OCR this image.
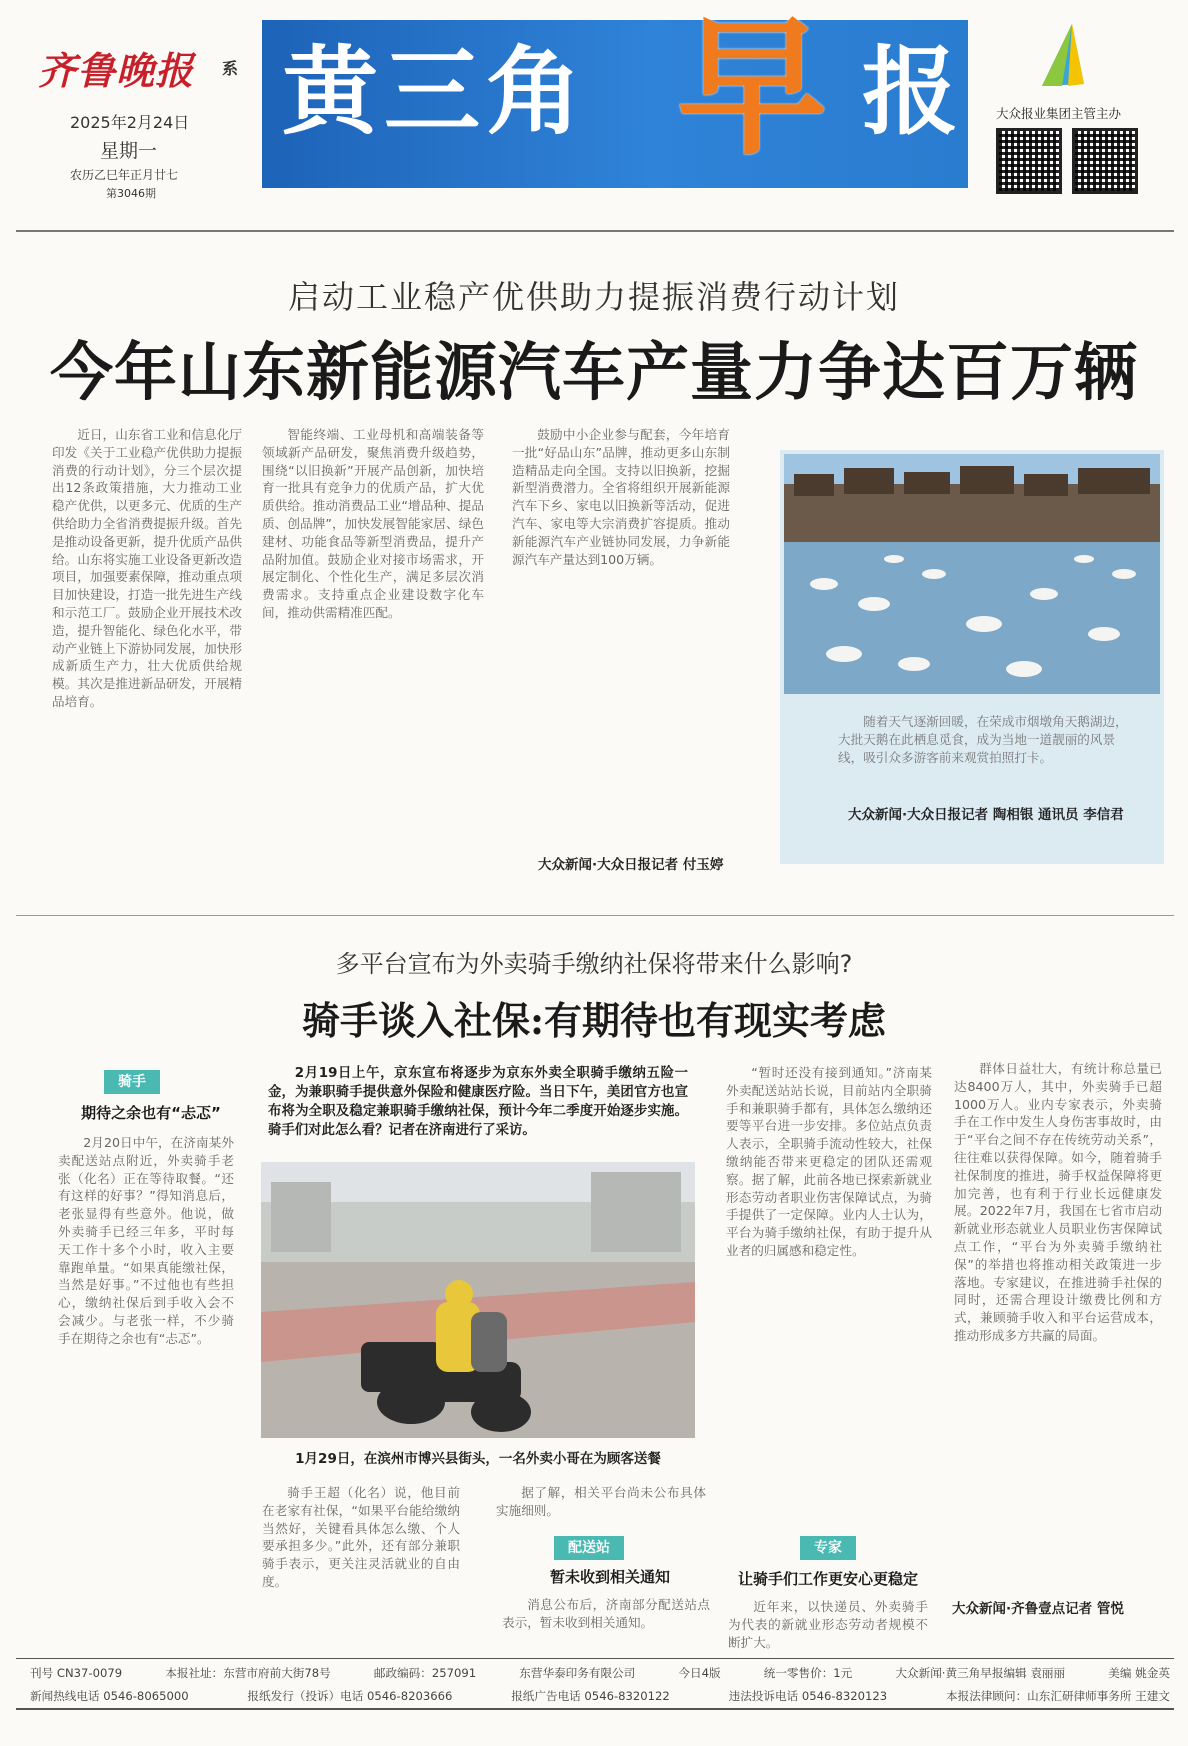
齐鲁晚报 系
2025年2月24日
星期一
农历乙巳年正月廿七
第3046期
黄三角 早 报	大众报业集团主管主办
启动工业稳产优供助力提振消费行动计划
今年山东新能源汽车产量力争达百万辆
近日，山东省工业和信息化厅印发《关于工业稳产优供助力提振消费的行动计划》，分三个层次提出12条政策措施，大力推动工业稳产优供，以更多元、优质的生产供给助力全省消费提振升级。首先是推动设备更新，提升优质产品供给。山东将实施工业设备更新改造项目，加强要素保障，推动重点项目加快建设，打造一批先进生产线和示范工厂。鼓励企业开展技术改造，提升智能化、绿色化水平，带动产业链上下游协同发展，加快形成新质生产力，壮大优质供给规模。其次是推进新品研发，开展精品培育。
智能终端、工业母机和高端装备等领域新产品研发，聚焦消费升级趋势，围绕“以旧换新”开展产品创新，加快培育一批具有竞争力的优质产品，扩大优质供给。推动消费品工业“增品种、提品质、创品牌”，加快发展智能家居、绿色建材、功能食品等新型消费品，提升产品附加值。鼓励企业对接市场需求，开展定制化、个性化生产，满足多层次消费需求。支持重点企业建设数字化车间，推动供需精准匹配。
鼓励中小企业参与配套，今年培育一批“好品山东”品牌，推动更多山东制造精品走向全国。支持以旧换新，挖掘新型消费潜力。全省将组织开展新能源汽车下乡、家电以旧换新等活动，促进汽车、家电等大宗消费扩容提质。推动新能源汽车产业链协同发展，力争新能源汽车产量达到100万辆。
大众新闻·大众日报记者 付玉婷
随着天气逐渐回暖，在荣成市烟墩角天鹅湖边，大批天鹅在此栖息觅食，成为当地一道靓丽的风景线，吸引众多游客前来观赏拍照打卡。
大众新闻·大众日报记者 陶相银 通讯员 李信君
多平台宣布为外卖骑手缴纳社保将带来什么影响?
骑手谈入社保:有期待也有现实考虑
骑手
期待之余也有“忐忑”
2月20日中午，在济南某外卖配送站点附近，外卖骑手老张（化名）正在等待取餐。“还有这样的好事？”得知消息后，老张显得有些意外。他说，做外卖骑手已经三年多，平时每天工作十多个小时，收入主要靠跑单量。“如果真能缴社保，当然是好事。”不过他也有些担心，缴纳社保后到手收入会不会减少。与老张一样，不少骑手在期待之余也有“忐忑”。
2月19日上午，京东宣布将逐步为京东外卖全职骑手缴纳五险一金，为兼职骑手提供意外保险和健康医疗险。当日下午，美团官方也宣布将为全职及稳定兼职骑手缴纳社保，预计今年二季度开始逐步实施。骑手们对此怎么看？记者在济南进行了采访。
1月29日，在滨州市博兴县街头，一名外卖小哥在为顾客送餐
骑手王超（化名）说，他目前在老家有社保，“如果平台能给缴纳当然好，关键看具体怎么缴、个人要承担多少。”此外，还有部分兼职骑手表示，更关注灵活就业的自由度。
据了解，相关平台尚未公布具体实施细则。
配送站
暂未收到相关通知
消息公布后，济南部分配送站点表示，暂未收到相关通知。
“暂时还没有接到通知。”济南某外卖配送站站长说，目前站内全职骑手和兼职骑手都有，具体怎么缴纳还要等平台进一步安排。多位站点负责人表示，全职骑手流动性较大，社保缴纳能否带来更稳定的团队还需观察。据了解，此前各地已探索新就业形态劳动者职业伤害保障试点，为骑手提供了一定保障。业内人士认为，平台为骑手缴纳社保，有助于提升从业者的归属感和稳定性。
专家
让骑手们工作更安心更稳定
近年来，以快递员、外卖骑手为代表的新就业形态劳动者规模不断扩大。
群体日益壮大，有统计称总量已达8400万人，其中，外卖骑手已超1000万人。业内专家表示，外卖骑手在工作中发生人身伤害事故时，由于“平台之间不存在传统劳动关系”，往往难以获得保障。如今，随着骑手社保制度的推进，骑手权益保障将更加完善，也有利于行业长远健康发展。2022年7月，我国在七省市启动新就业形态就业人员职业伤害保障试点工作，“平台为外卖骑手缴纳社保”的举措也将推动相关政策进一步落地。专家建议，在推进骑手社保的同时，还需合理设计缴费比例和方式，兼顾骑手收入和平台运营成本，推动形成多方共赢的局面。
大众新闻·齐鲁壹点记者 管悦
刊号 CN37-0079	本报社址：东营市府前大街78号	邮政编码：257091	东营华泰印务有限公司	今日4版	统一零售价：1元	大众新闻·黄三角早报编辑 袁丽丽	美编 姚金英
新闻热线电话 0546-8065000	报纸发行（投诉）电话 0546-8203666	报纸广告电话 0546-8320122	违法投诉电话 0546-8320123	本报法律顾问：山东汇研律师事务所 王建文
